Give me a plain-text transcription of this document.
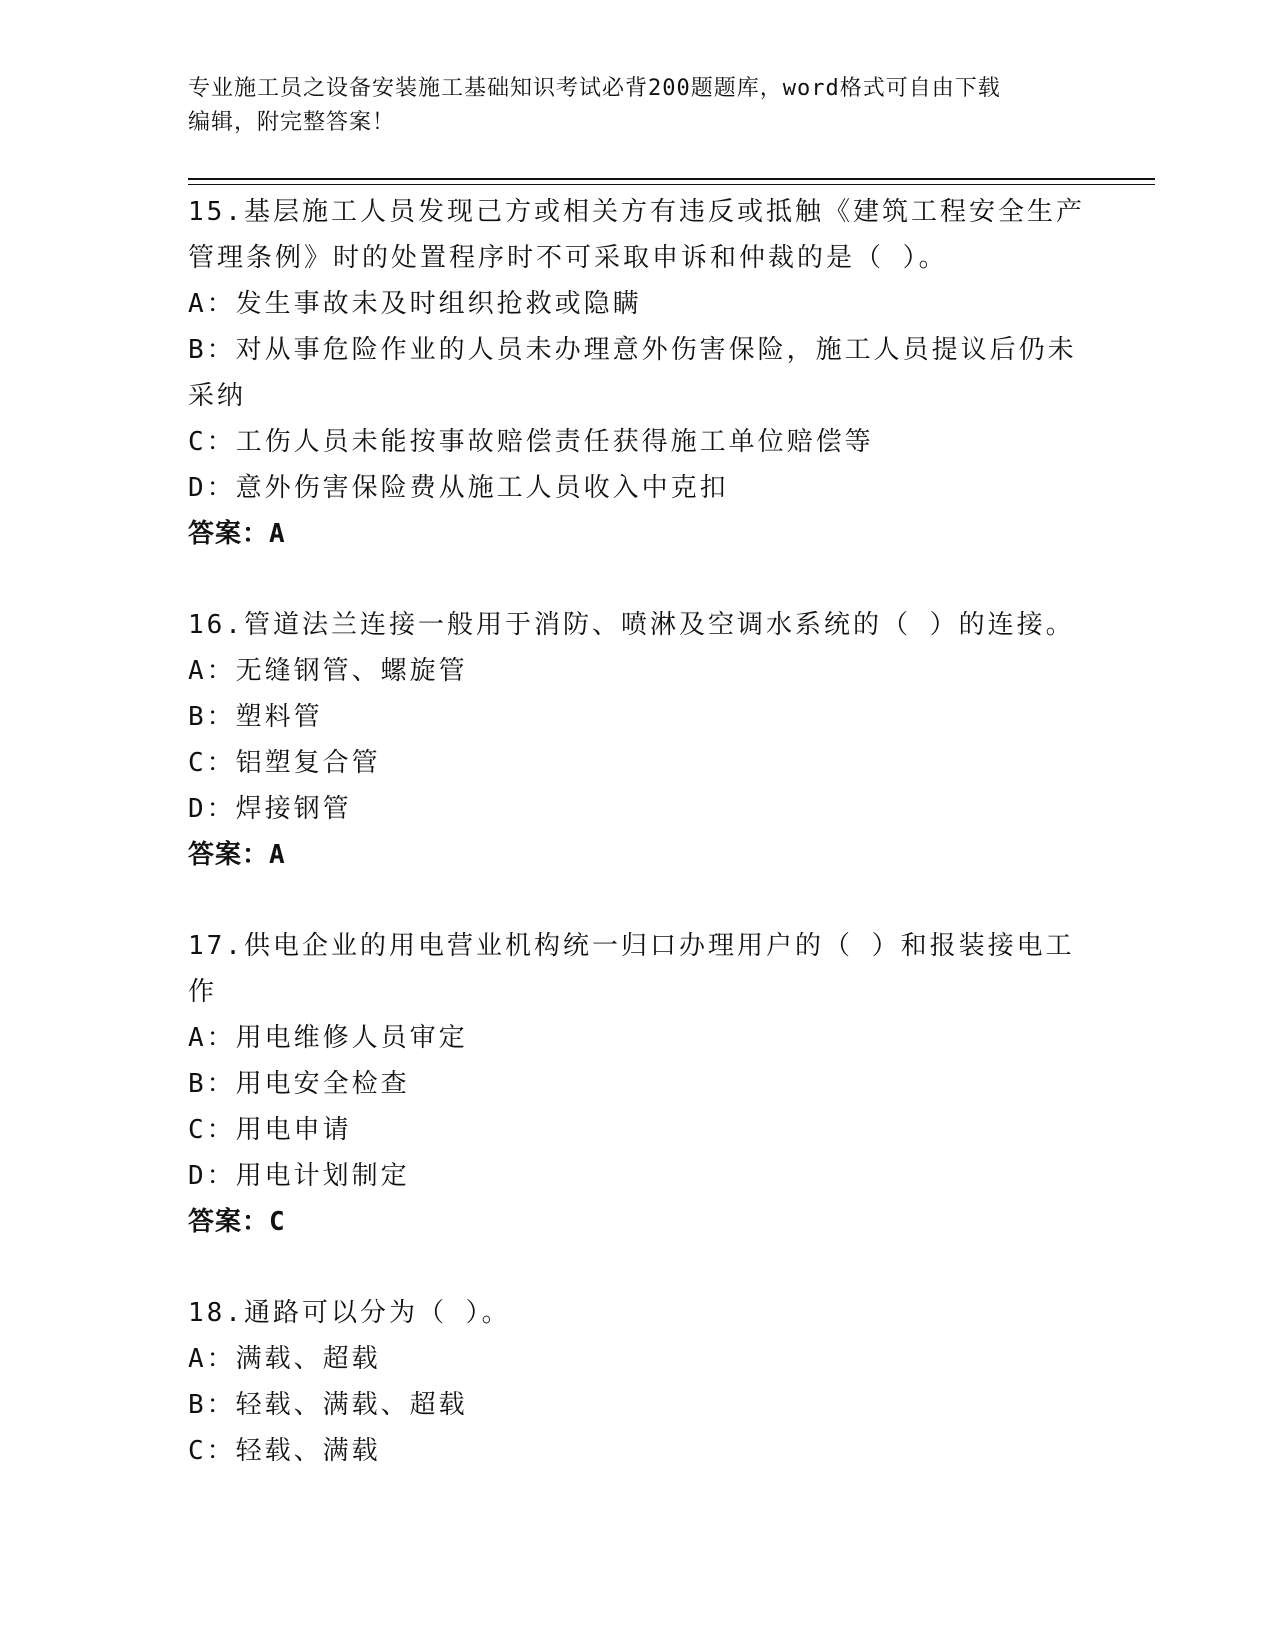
专业施工员之设备安装施工基础知识考试必背200题题库，word格式可自由下载
编辑，附完整答案！
15.基层施工人员发现己方或相关方有违反或抵触《建筑工程安全生产
管理条例》时的处置程序时不可采取申诉和仲裁的是（ ）。
A：发生事故未及时组织抢救或隐瞒
B：对从事危险作业的人员未办理意外伤害保险，施工人员提议后仍未
采纳
C：工伤人员未能按事故赔偿责任获得施工单位赔偿等
D：意外伤害保险费从施工人员收入中克扣
答案：A
16.管道法兰连接一般用于消防、喷淋及空调水系统的（ ）的连接。
A：无缝钢管、螺旋管
B：塑料管
C：铝塑复合管
D：焊接钢管
答案：A
17.供电企业的用电营业机构统一归口办理用户的（ ）和报装接电工
作
A：用电维修人员审定
B：用电安全检查
C：用电申请
D：用电计划制定
答案：C
18.通路可以分为（ ）。
A：满载、超载
B：轻载、满载、超载
C：轻载、满载
